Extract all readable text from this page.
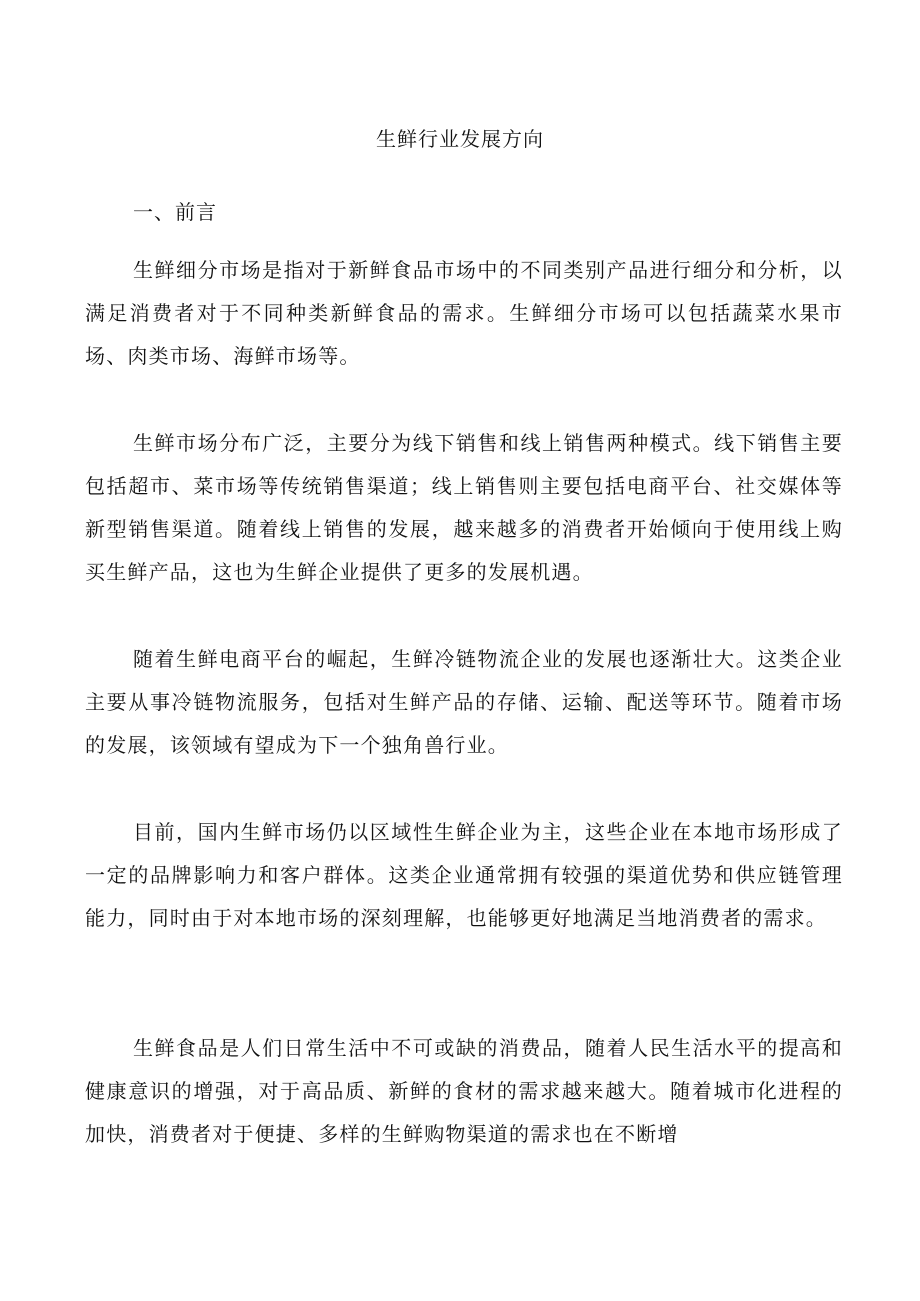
生鲜行业发展方向
一、前言

生鲜细分市场是指对于新鲜食品市场中的不同类别产品进行细分和分析，以满足消费者对于不同种类新鲜食品的需求。生鲜细分市场可以包括蔬菜水果市场、肉类市场、海鲜市场等。

生鲜市场分布广泛，主要分为线下销售和线上销售两种模式。线下销售主要包括超市、菜市场等传统销售渠道；线上销售则主要包括电商平台、社交媒体等新型销售渠道。随着线上销售的发展，越来越多的消费者开始倾向于使用线上购买生鲜产品，这也为生鲜企业提供了更多的发展机遇。

随着生鲜电商平台的崛起，生鲜冷链物流企业的发展也逐渐壮大。这类企业主要从事冷链物流服务，包括对生鲜产品的存储、运输、配送等环节。随着市场的发展，该领域有望成为下一个独角兽行业。

目前，国内生鲜市场仍以区域性生鲜企业为主，这些企业在本地市场形成了一定的品牌影响力和客户群体。这类企业通常拥有较强的渠道优势和供应链管理能力，同时由于对本地市场的深刻理解，也能够更好地满足当地消费者的需求。

生鲜食品是人们日常生活中不可或缺的消费品，随着人民生活水平的提高和健康意识的增强，对于高品质、新鲜的食材的需求越来越大。随着城市化进程的加快，消费者对于便捷、多样的生鲜购物渠道的需求也在不断增
